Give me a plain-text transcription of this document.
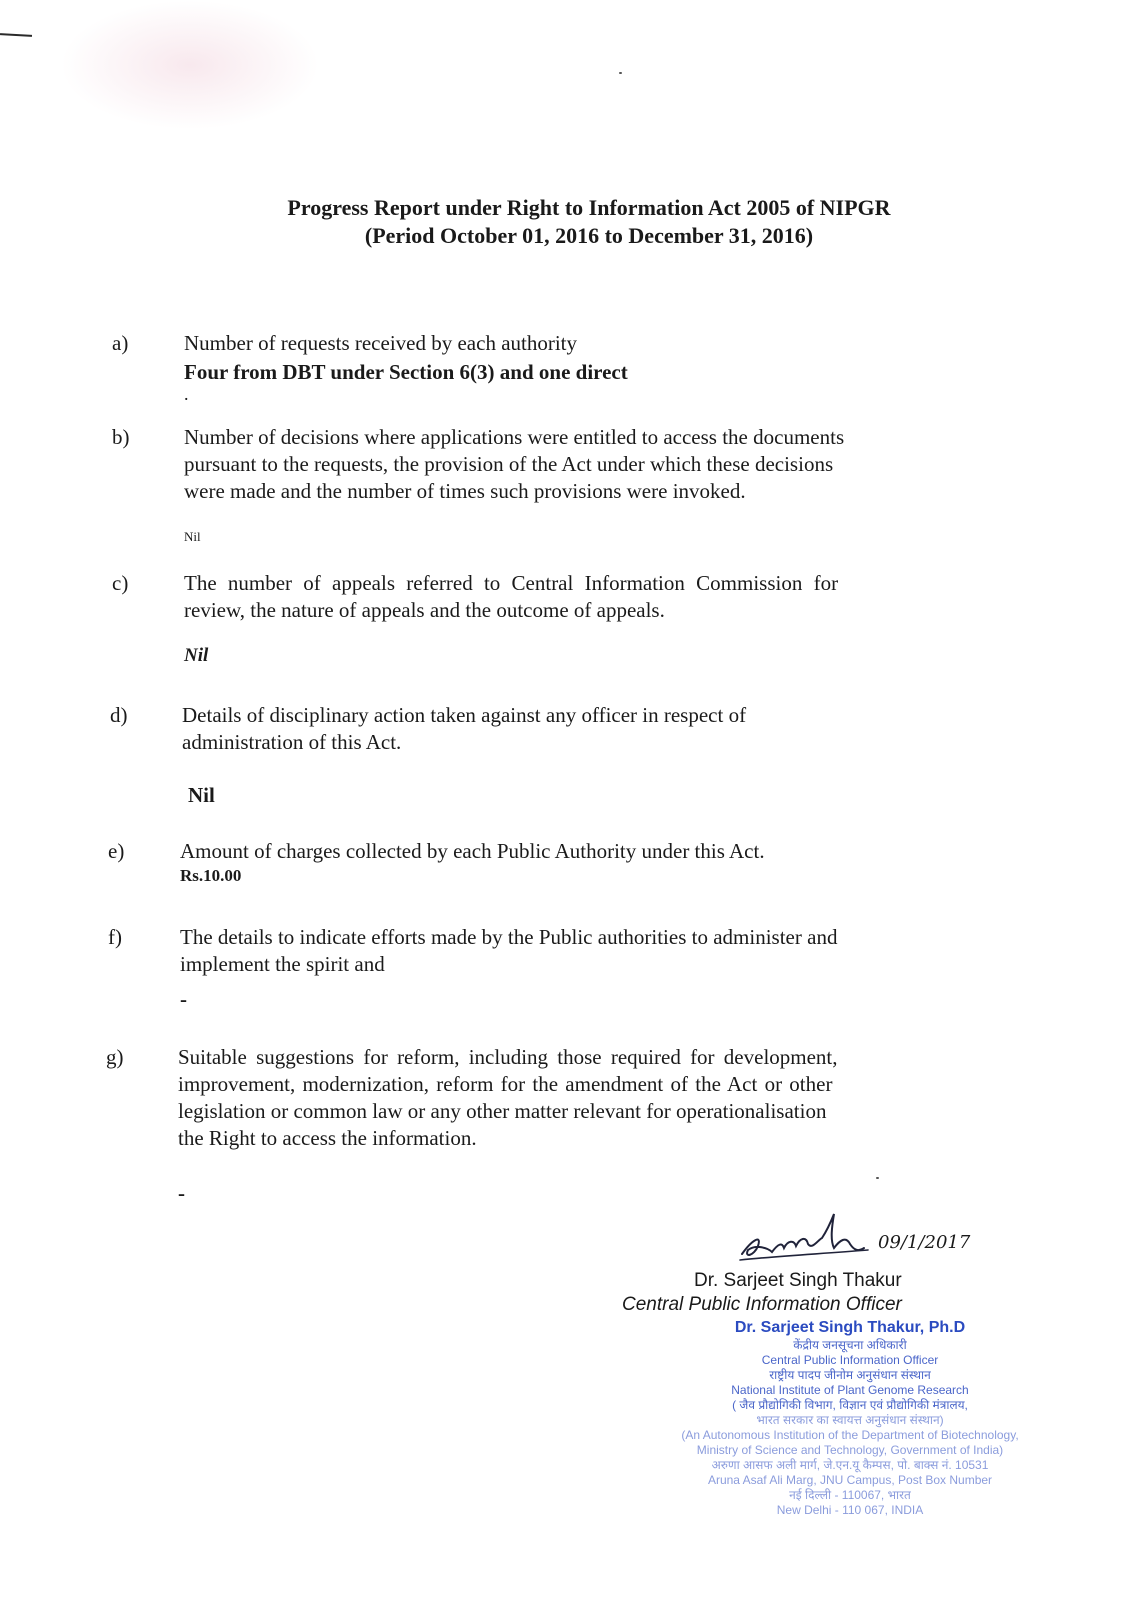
Progress Report under Right to Information Act 2005 of NIPGR
(Period October 01, 2016 to December 31, 2016)
a)	Number of requests received by each authority
Four from DBT under Section 6(3) and one direct
.
b)	Number of decisions where applications were entitled to access the documents
pursuant to the requests, the provision of the Act under which these decisions
were made and the number of times such provisions were invoked.
Nil
c)	The number of appeals referred to Central Information Commission for
review, the nature of appeals and the outcome of appeals.
Nil
d)	Details of disciplinary action taken against any officer in respect of
administration of this Act.
Nil
e)	Amount of charges collected by each Public Authority under this Act.
Rs.10.00
f)	The details to indicate efforts made by the Public authorities to administer and
implement the spirit and
-
g)	Suitable suggestions for reform, including those required for development,
improvement, modernization, reform for the amendment of the Act or other
legislation or common law or any other matter relevant for operationalisation
the Right to access the information.
-
09/1/2017
Dr. Sarjeet Singh Thakur
Central Public Information Officer
Dr. Sarjeet Singh Thakur, Ph.D
केंद्रीय जनसूचना अधिकारी
Central Public Information Officer
राष्ट्रीय पादप जीनोम अनुसंधान संस्थान
National Institute of Plant Genome Research
( जैव प्रौद्योगिकी विभाग, विज्ञान एवं प्रौद्योगिकी मंत्रालय,
भारत सरकार का स्वायत्त अनुसंधान संस्थान)
(An Autonomous Institution of the Department of Biotechnology,
Ministry of Science and Technology, Government of India)
अरुणा आसफ अली मार्ग, जे.एन.यू कैम्पस, पो. बाक्स नं. 10531
Aruna Asaf Ali Marg, JNU Campus, Post Box Number
नई दिल्ली - 110067, भारत
New Delhi - 110 067, INDIA
